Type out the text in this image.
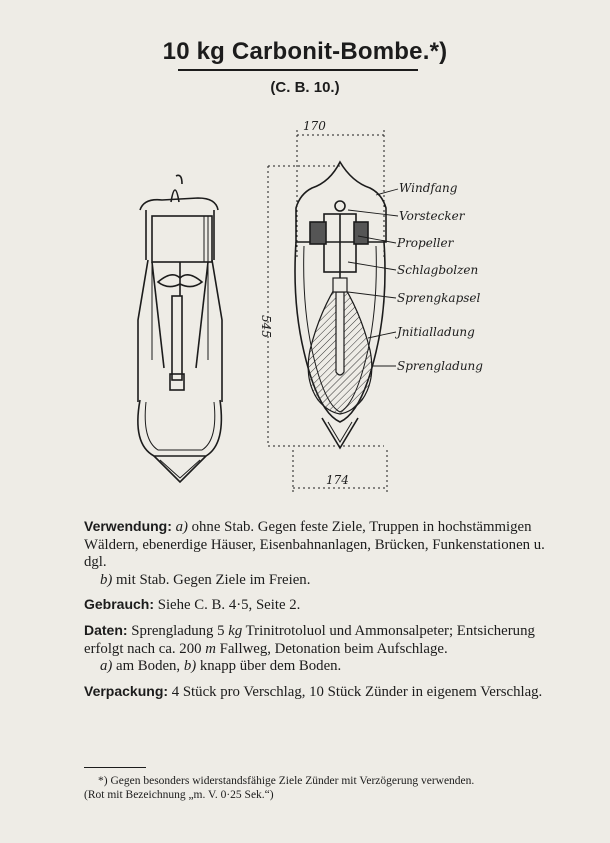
10 kg Carbonit-Bombe.*)
(C. B. 10.)
170
545
174
Windfang
Vorstecker
Propeller
Schlagbolzen
Sprengkapsel
Jnitialladung
Sprengladung

Verwendung: a) ohne Stab. Gegen feste Ziele, Truppen in hochstämmigen Wäldern, ebenerdige Häuser, Eisenbahnanlagen, Brücken, Funkenstationen u. dgl.

b) mit Stab. Gegen Ziele im Freien.

Gebrauch: Siehe C. B. 4·5, Seite 2.

Daten: Sprengladung 5 kg Trinitrotoluol und Ammonsalpeter; Entsicherung erfolgt nach ca. 200 m Fallweg, Detonation beim Aufschlage.

a) am Boden, b) knapp über dem Boden.

Verpackung: 4 Stück pro Verschlag, 10 Stück Zünder in eigenem Verschlag.

*) Gegen besonders widerstandsfähige Ziele Zünder mit Verzögerung verwenden.

(Rot mit Bezeichnung „m. V. 0·25 Sek.“)
